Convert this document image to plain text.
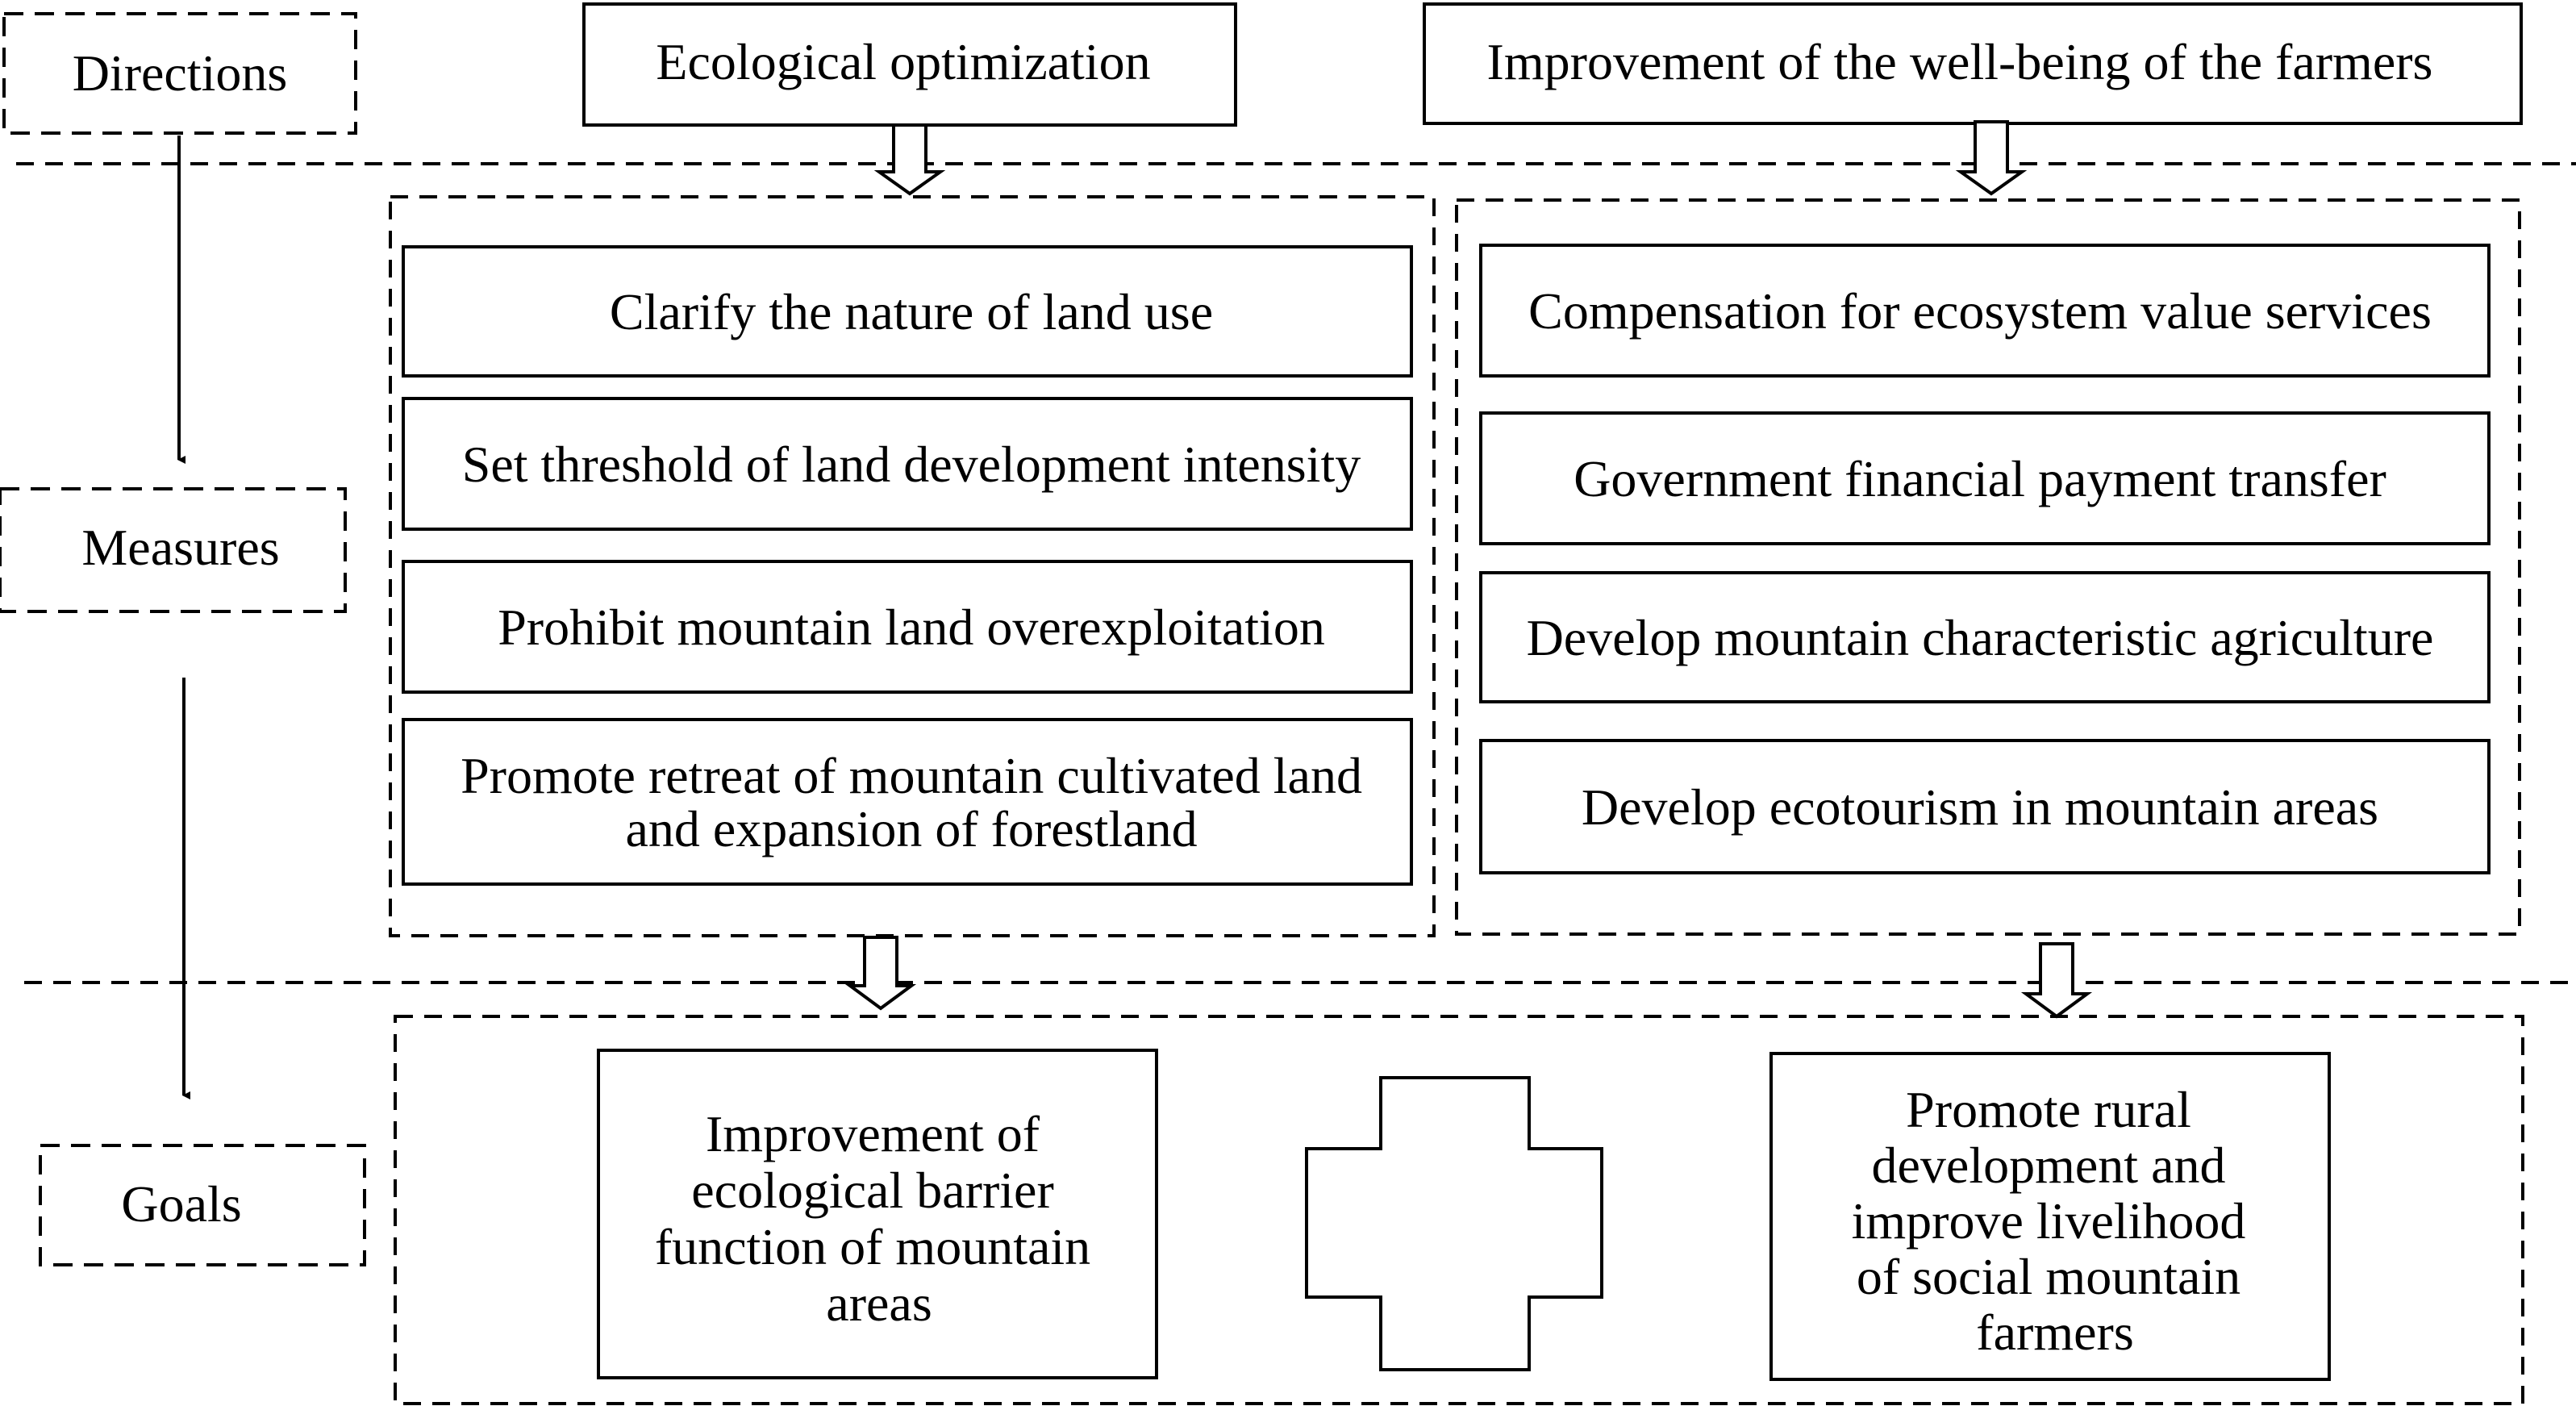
Directions
Measures
Goals
Ecological optimization	Improvement of the well-being of the farmers
Clarify the nature of land use
Set threshold of land development intensity
Prohibit mountain land overexploitation
Promote retreat of mountain cultivated land and expansion of forestland
Compensation for ecosystem value services
Government financial payment transfer
Develop mountain characteristic agriculture
Develop ecotourism in mountain areas
Improvement of ecological barrier function of mountain areas
Promote rural development and improve livelihood of social mountain farmers
